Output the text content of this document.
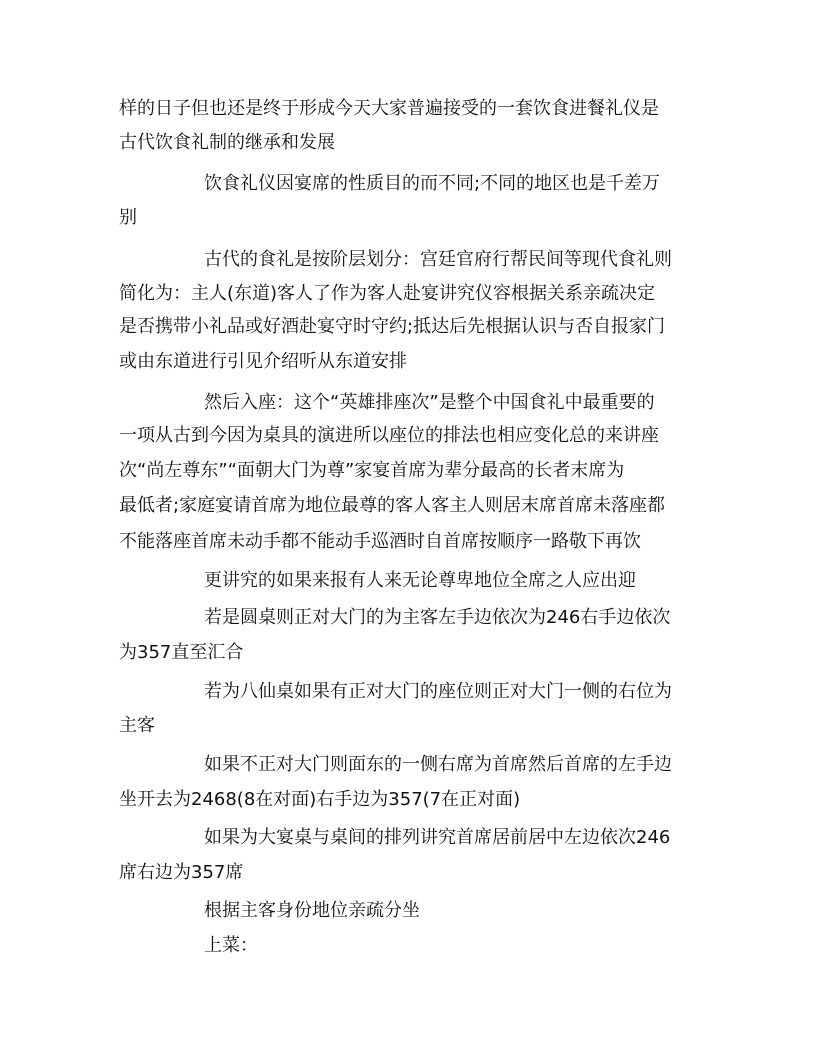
样的日子但也还是终于形成今天大家普遍接受的一套饮食进餐礼仪是
古代饮食礼制的继承和发展
饮食礼仪因宴席的性质目的而不同;不同的地区也是千差万
别
古代的食礼是按阶层划分：宫廷官府行帮民间等现代食礼则
简化为：主人(东道)客人了作为客人赴宴讲究仪容根据关系亲疏决定
是否携带小礼品或好酒赴宴守时守约;抵达后先根据认识与否自报家门
或由东道进行引见介绍听从东道安排
然后入座：这个“英雄排座次”是整个中国食礼中最重要的
一项从古到今因为桌具的演进所以座位的排法也相应变化总的来讲座
次“尚左尊东”“面朝大门为尊”家宴首席为辈分最高的长者末席为
最低者;家庭宴请首席为地位最尊的客人客主人则居末席首席未落座都
不能落座首席未动手都不能动手巡酒时自首席按顺序一路敬下再饮
更讲究的如果来报有人来无论尊卑地位全席之人应出迎
若是圆桌则正对大门的为主客左手边依次为246右手边依次
为357直至汇合
若为八仙桌如果有正对大门的座位则正对大门一侧的右位为
主客
如果不正对大门则面东的一侧右席为首席然后首席的左手边
坐开去为2468(8在对面)右手边为357(7在正对面)
如果为大宴桌与桌间的排列讲究首席居前居中左边依次246
席右边为357席
根据主客身份地位亲疏分坐
上菜：
